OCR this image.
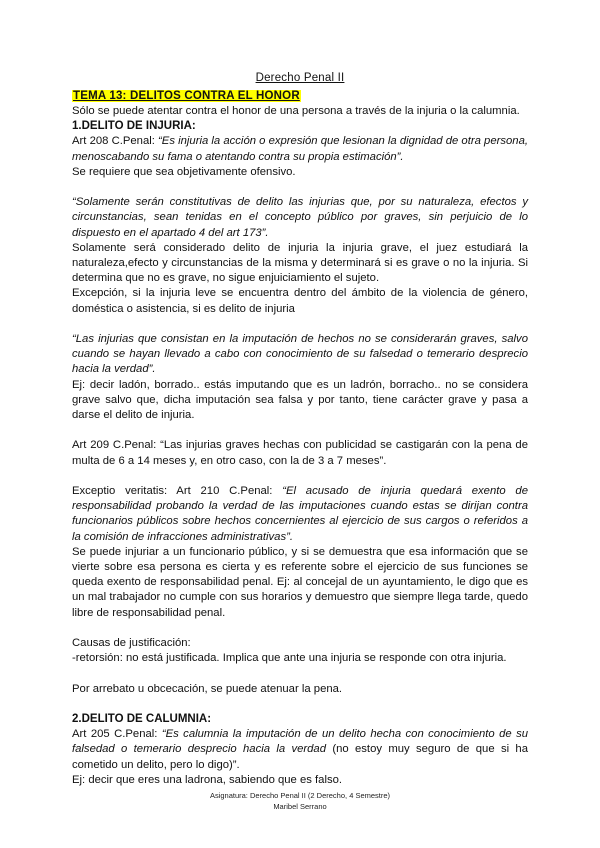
Derecho Penal II
TEMA 13: DELITOS CONTRA EL HONOR

Sólo se puede atentar contra el honor de una persona a través de la injuria o la calumnia.

1.DELITO DE INJURIA:

Art 208 C.Penal: “Es injuria la acción o expresión que lesionan la dignidad de otra persona, menoscabando su fama o atentando contra su propia estimación”.

Se requiere que sea objetivamente ofensivo.

“Solamente serán constitutivas de delito las injurias que, por su naturaleza, efectos y circunstancias, sean tenidas en el concepto público por graves, sin perjuicio de lo dispuesto en el apartado 4 del art 173”.

Solamente será considerado delito de injuria la injuria grave, el juez estudiará la naturaleza,efecto y circunstancias de la misma y determinará si es grave o no la injuria. Si determina que no es grave, no sigue enjuiciamiento el sujeto.

Excepción, si la injuria leve se encuentra dentro del ámbito de la violencia de género, doméstica o asistencia, si es delito de injuria

“Las injurias que consistan en la imputación de hechos no se considerarán graves, salvo cuando se hayan llevado a cabo con conocimiento de su falsedad o temerario desprecio hacia la verdad”.

Ej: decir ladón, borrado.. estás imputando que es un ladrón, borracho.. no se considera grave salvo que, dicha imputación sea falsa y por tanto, tiene carácter grave y pasa a darse el delito de injuria.

Art 209 C.Penal: “Las injurias graves hechas con publicidad se castigarán con la pena de multa de 6 a 14 meses y, en otro caso, con la de 3 a 7 meses”.

Exceptio veritatis: Art 210 C.Penal: “El acusado de injuria quedará exento de responsabilidad probando la verdad de las imputaciones cuando estas se dirijan contra funcionarios públicos sobre hechos concernientes al ejercicio de sus cargos o referidos a la comisión de infracciones administrativas”.

Se puede injuriar a un funcionario público, y si se demuestra que esa información que se vierte sobre esa persona es cierta y es referente sobre el ejercicio de sus funciones se queda exento de responsabilidad penal. Ej: al concejal de un ayuntamiento, le digo que es un mal trabajador no cumple con sus horarios y demuestro que siempre llega tarde, quedo libre de responsabilidad penal.

Causas de justificación:

-retorsión: no está justificada. Implica que ante una injuria se responde con otra injuria.

Por arrebato u obcecación, se puede atenuar la pena.

2.DELITO DE CALUMNIA:

Art 205 C.Penal: “Es calumnia la imputación de un delito hecha con conocimiento de su falsedad o temerario desprecio hacia la verdad (no estoy muy seguro de que si ha cometido un delito, pero lo digo)”.

Ej: decir que eres una ladrona, sabiendo que es falso.

Asignatura: Derecho Penal II (2 Derecho, 4 Semestre)
Maribel Serrano
